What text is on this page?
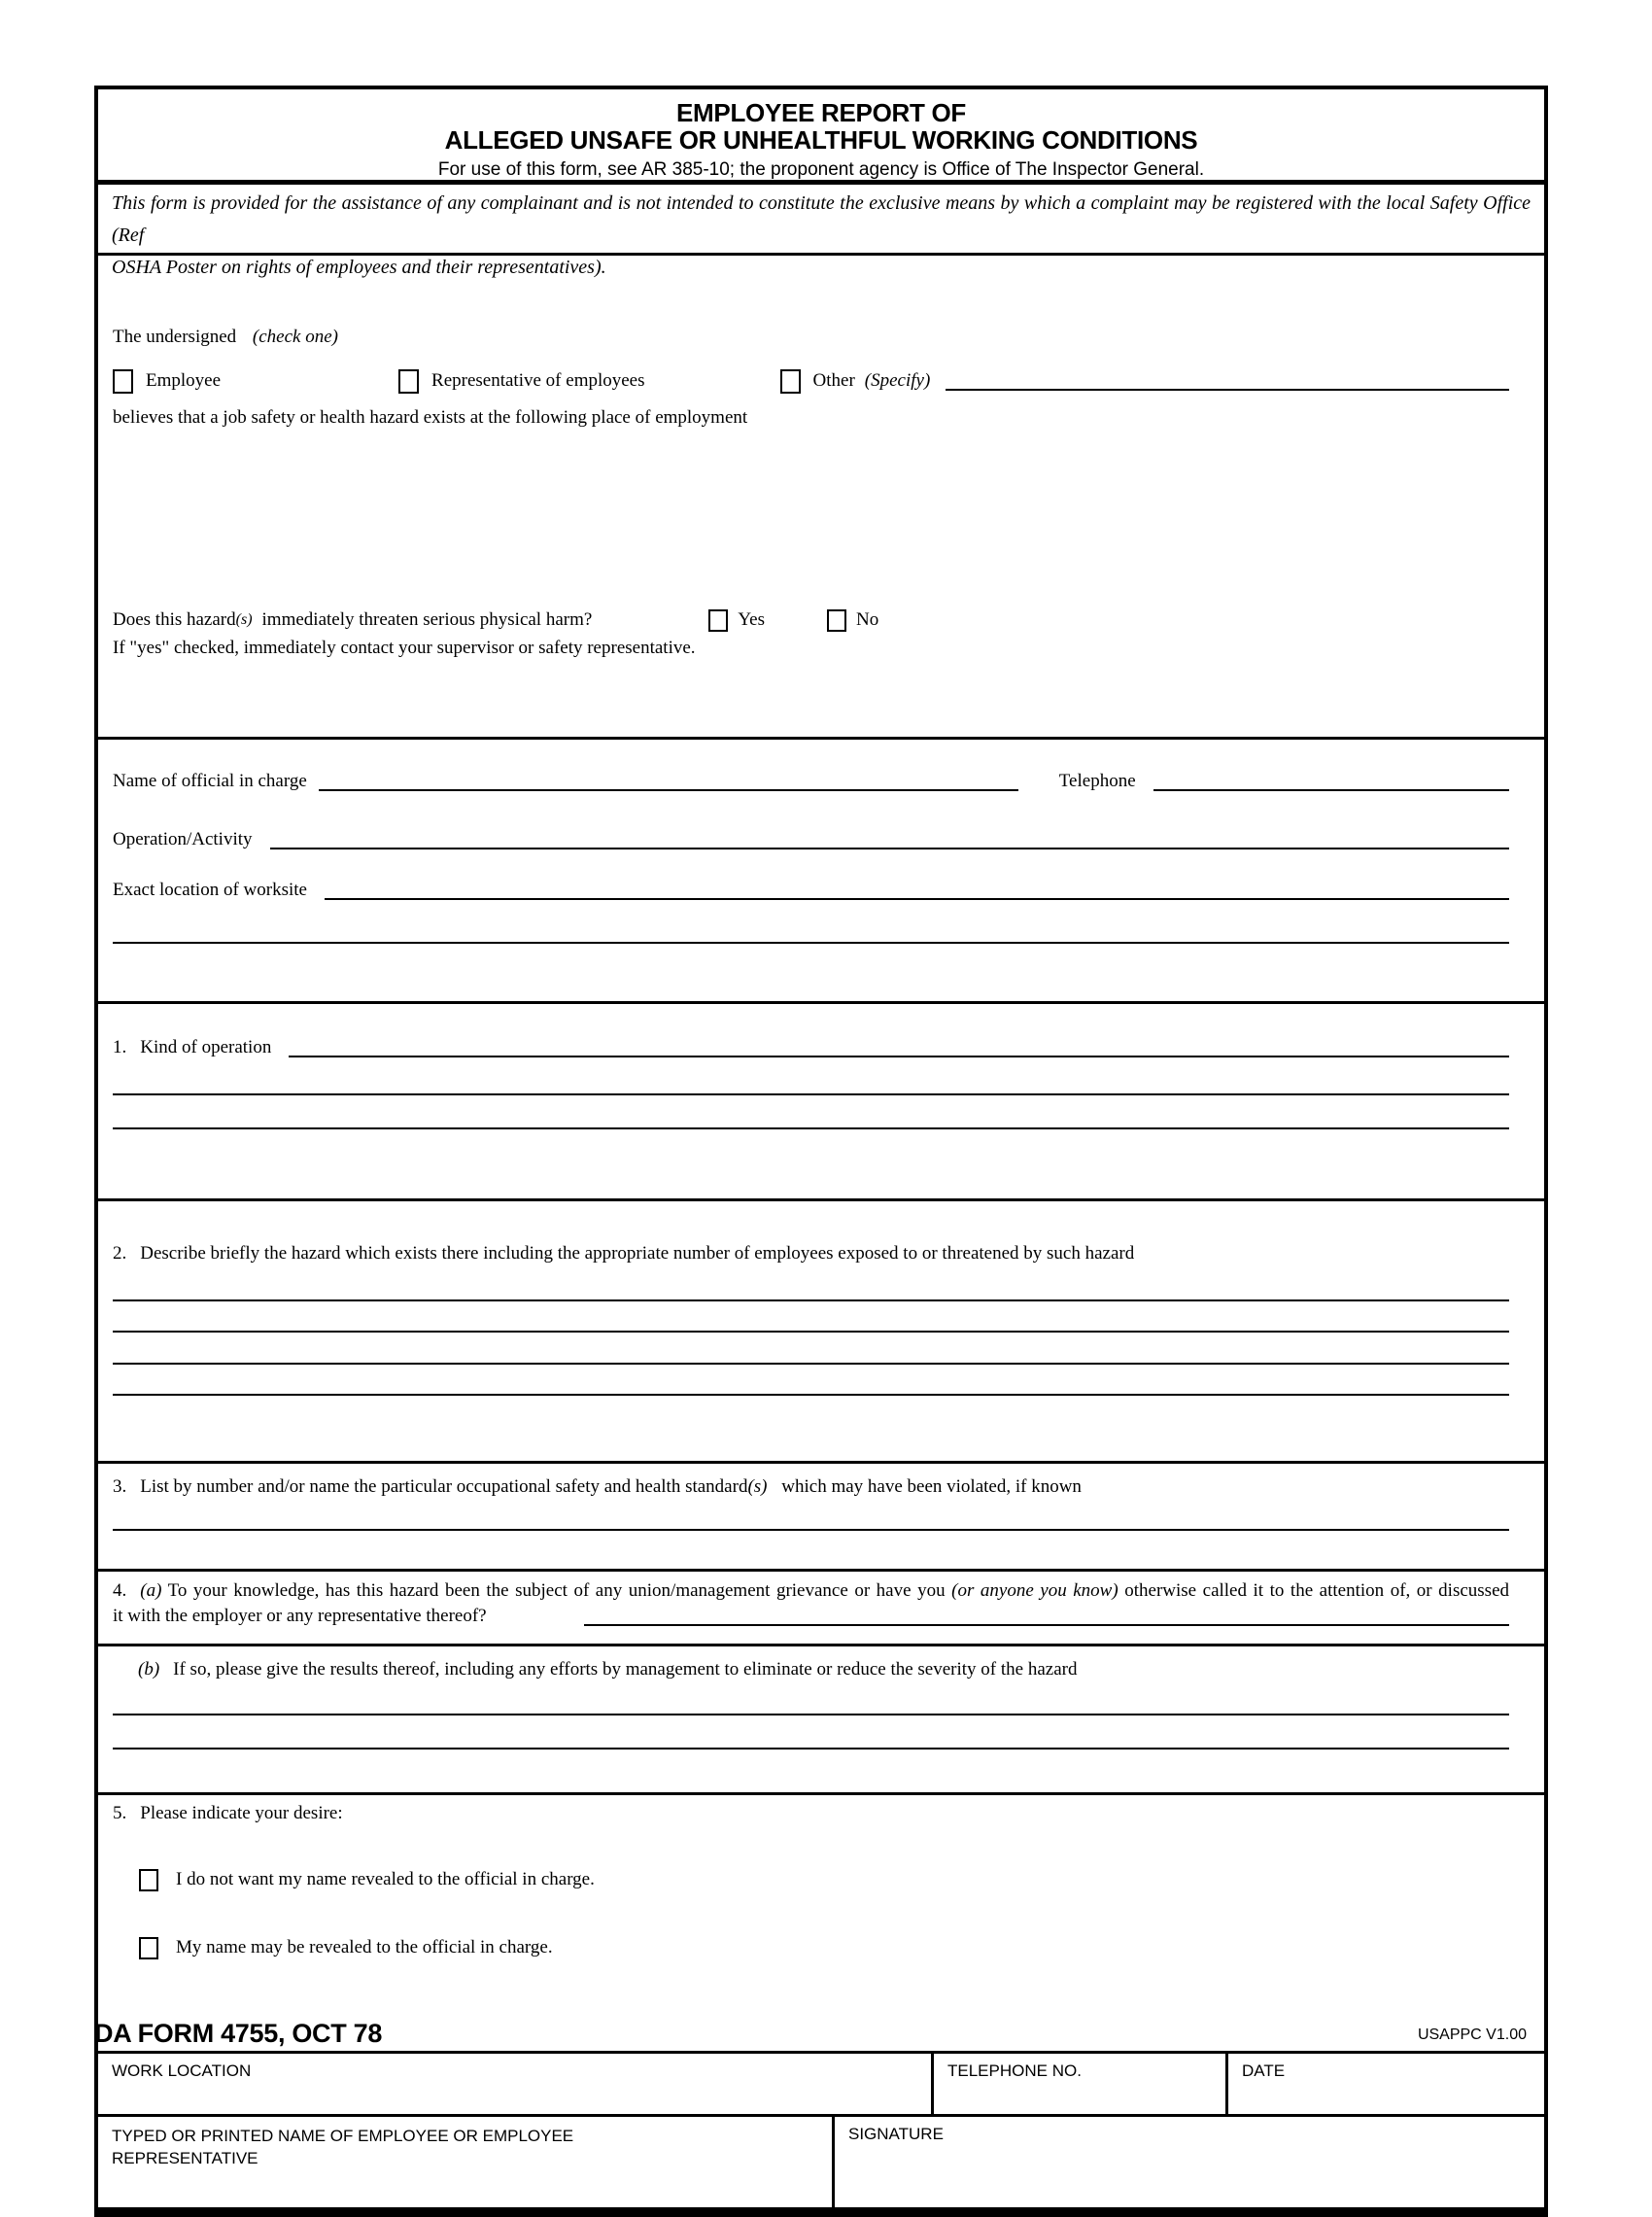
EMPLOYEE REPORT OF
ALLEGED UNSAFE OR UNHEALTHFUL WORKING CONDITIONS
For use of this form, see AR 385-10; the proponent agency is Office of The Inspector General.
This form is provided for the assistance of any complainant and is not intended to constitute the exclusive means by which a complaint may be registered with the local Safety Office (Ref
OSHA Poster on rights of employees and their representatives).
The undersigned (check one)
Employee	Representative of employees	Other (Specify)
believes that a job safety or health hazard exists at the following place of employment
Does this hazard (s) immediately threaten serious physical harm?	Yes	No
If "yes" checked, immediately contact your supervisor or safety representative.
Name of official in charge	Telephone
Operation/Activity
Exact location of worksite
1. Kind of operation
2. Describe briefly the hazard which exists there including the appropriate number of employees exposed to or threatened by such hazard
3. List by number and/or name the particular occupational safety and health standard(s) which may have been violated, if known
4. (a) To your knowledge, has this hazard been the subject of any union/management grievance or have you (or anyone you know) otherwise called it to the attention of, or discussed
it with the employer or any representative thereof?
(b) If so, please give the results thereof, including any efforts by management to eliminate or reduce the severity of the hazard
5. Please indicate your desire:
I do not want my name revealed to the official in charge.
My name may be revealed to the official in charge.
WORK LOCATION	TELEPHONE NO.	DATE
TYPED OR PRINTED NAME OF EMPLOYEE OR EMPLOYEE REPRESENTATIVE
SIGNATURE
DA FORM 4755, OCT 78	USAPPC V1.00
